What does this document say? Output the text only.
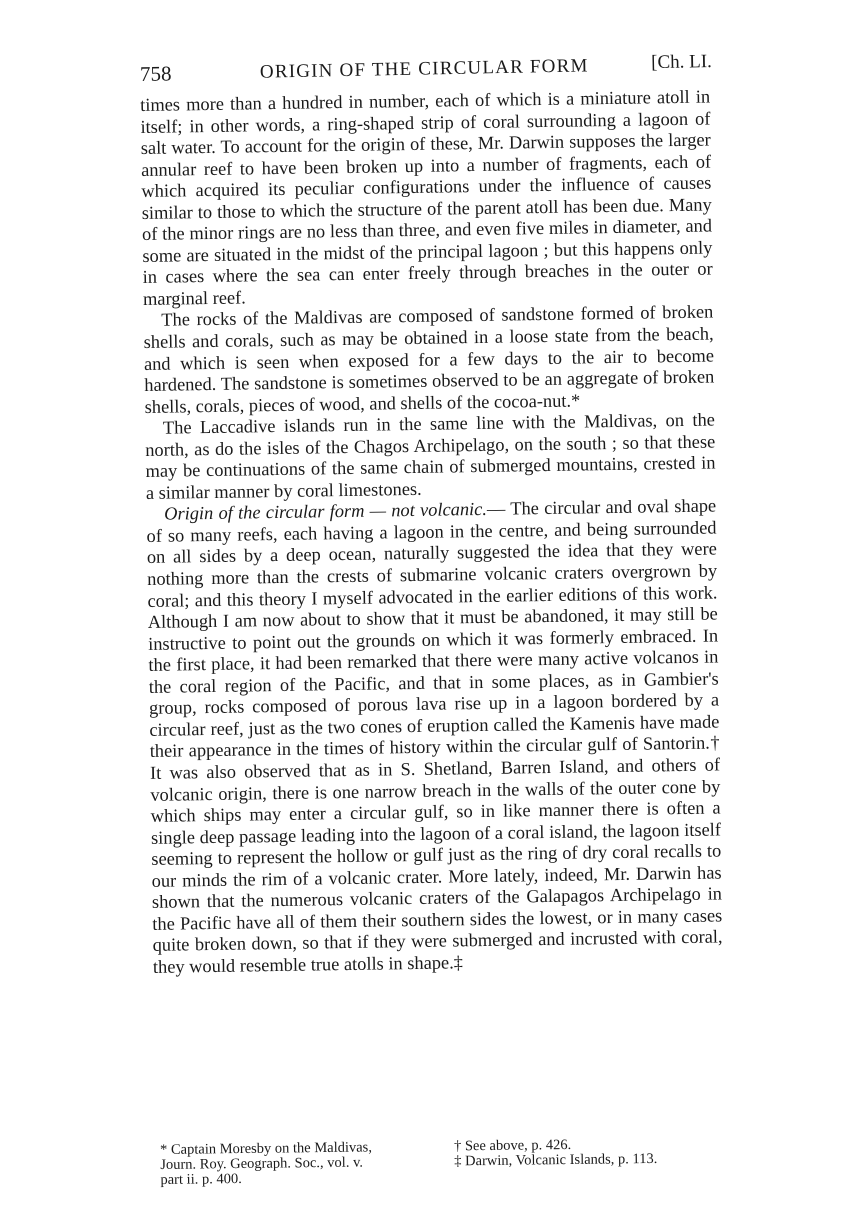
758	ORIGIN OF THE CIRCULAR FORM	[Ch. LI.

times more than a hundred in number, each of which is a miniature atoll in itself; in other words, a ring-shaped strip of coral surrounding a lagoon of salt water. To account for the origin of these, Mr. Darwin supposes the larger annular reef to have been broken up into a number of fragments, each of which acquired its peculiar configurations under the influence of causes similar to those to which the structure of the parent atoll has been due. Many of the minor rings are no less than three, and even five miles in diameter, and some are situated in the midst of the principal lagoon ; but this happens only in cases where the sea can enter freely through breaches in the outer or marginal reef.

The rocks of the Maldivas are composed of sandstone formed of broken shells and corals, such as may be obtained in a loose state from the beach, and which is seen when exposed for a few days to the air to become hardened. The sandstone is sometimes observed to be an aggregate of broken shells, corals, pieces of wood, and shells of the cocoa-nut.*

The Laccadive islands run in the same line with the Maldivas, on the north, as do the isles of the Chagos Archipelago, on the south ; so that these may be continuations of the same chain of submerged mountains, crested in a similar manner by coral limestones.

Origin of the circular form — not volcanic.— The circular and oval shape of so many reefs, each having a lagoon in the centre, and being surrounded on all sides by a deep ocean, naturally suggested the idea that they were nothing more than the crests of submarine volcanic craters overgrown by coral; and this theory I myself advocated in the earlier editions of this work. Although I am now about to show that it must be abandoned, it may still be instructive to point out the grounds on which it was formerly embraced. In the first place, it had been remarked that there were many active volcanos in the coral region of the Pacific, and that in some places, as in Gambier's group, rocks composed of porous lava rise up in a lagoon bordered by a circular reef, just as the two cones of eruption called the Kamenis have made their appearance in the times of history within the circular gulf of Santorin.† It was also observed that as in S. Shetland, Barren Island, and others of volcanic origin, there is one narrow breach in the walls of the outer cone by which ships may enter a circular gulf, so in like manner there is often a single deep passage leading into the lagoon of a coral island, the lagoon itself seeming to represent the hollow or gulf just as the ring of dry coral recalls to our minds the rim of a volcanic crater. More lately, indeed, Mr. Darwin has shown that the numerous volcanic craters of the Galapagos Archipelago in the Pacific have all of them their southern sides the lowest, or in many cases quite broken down, so that if they were submerged and incrusted with coral, they would resemble true atolls in shape.‡

* Captain Moresby on the Maldivas,
Journ. Roy. Geograph. Soc., vol. v.
part ii. p. 400.
† See above, p. 426.
‡ Darwin, Volcanic Islands, p. 113.
